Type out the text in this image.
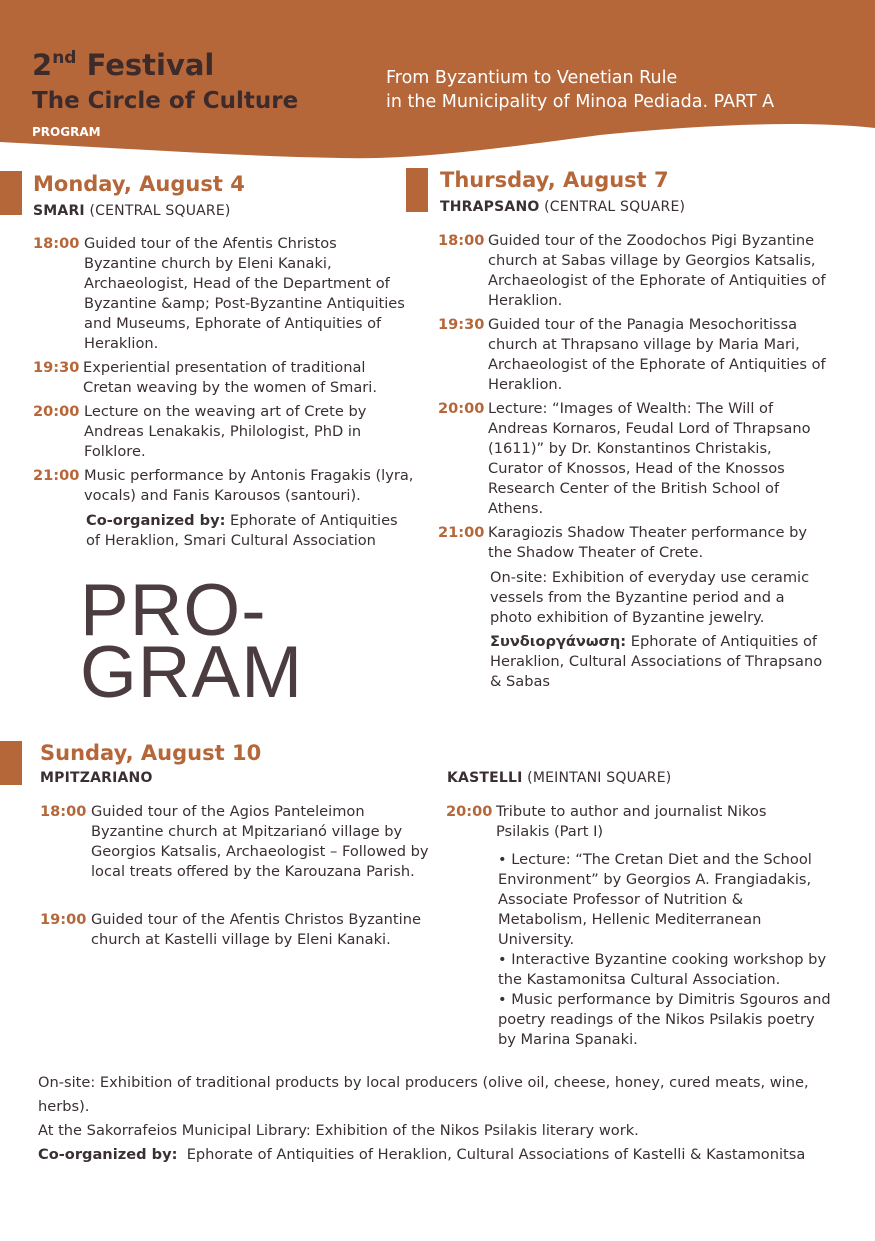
2nd Festival
The Circle of Culture
PROGRAM
From Byzantium to Venetian Rule
in the Municipality of Minoa Pediada. PART A
Monday, August 4
SMARI (CENTRAL SQUARE)
18:00 Guided tour of the Afentis Christos Byzantine church by Eleni Kanaki, Archaeologist, Head of the Department of Byzantine &amp; Post-Byzantine Antiquities and Museums, Ephorate of Antiquities of Heraklion.
19:30 Experiential presentation of traditional Cretan weaving by the women of Smari.
20:00 Lecture on the weaving art of Crete by Andreas Lenakakis, Philologist, PhD in Folklore.
21:00 Music performance by Antonis Fragakis (lyra, vocals) and Fanis Karousos (santouri).
Co-organized by: Ephorate of Antiquities of Heraklion, Smari Cultural Association
PRO-
GRAM
Thursday, August 7
THRAPSANO (CENTRAL SQUARE)
18:00 Guided tour of the Zoodochos Pigi Byzantine church at Sabas village by Georgios Katsalis, Archaeologist of the Ephorate of Antiquities of Heraklion.
19:30 Guided tour of the Panagia Mesochoritissa church at Thrapsano village by Maria Mari, Archaeologist of the Ephorate of Antiquities of Heraklion.
20:00 Lecture: “Images of Wealth: The Will of Andreas Kornaros, Feudal Lord of Thrapsano (1611)” by Dr. Konstantinos Christakis, Curator of Knossos, Head of the Knossos Research Center of the British School of Athens.
21:00 Karagiozis Shadow Theater performance by the Shadow Theater of Crete.
On-site: Exhibition of everyday use ceramic vessels from the Byzantine period and a photo exhibition of Byzantine jewelry.
Συνδιοργάνωση: Ephorate of Antiquities of Heraklion, Cultural Associations of Thrapsano & Sabas
Sunday, August 10
MPITZARIANO
18:00 Guided tour of the Agios Panteleimon Byzantine church at Mpitzarianó village by Georgios Katsalis, Archaeologist – Followed by local treats offered by the Karouzana Parish.
19:00 Guided tour of the Afentis Christos Byzantine church at Kastelli village by Eleni Kanaki.
KASTELLI (MEINTANI SQUARE)
20:00 Tribute to author and journalist Nikos Psilakis (Part I)
• Lecture: “The Cretan Diet and the School Environment” by Georgios A. Frangiadakis, Associate Professor of Nutrition & Metabolism, Hellenic Mediterranean University.
• Interactive Byzantine cooking workshop by the Kastamonitsa Cultural Association.
• Music performance by Dimitris Sgouros and poetry readings of the Nikos Psilakis poetry by Marina Spanaki.
On-site: Exhibition of traditional products by local producers (olive oil, cheese, honey, cured meats, wine, herbs).
At the Sakorrafeios Municipal Library: Exhibition of the Nikos Psilakis literary work.
Co-organized by:  Ephorate of Antiquities of Heraklion, Cultural Associations of Kastelli & Kastamonitsa
